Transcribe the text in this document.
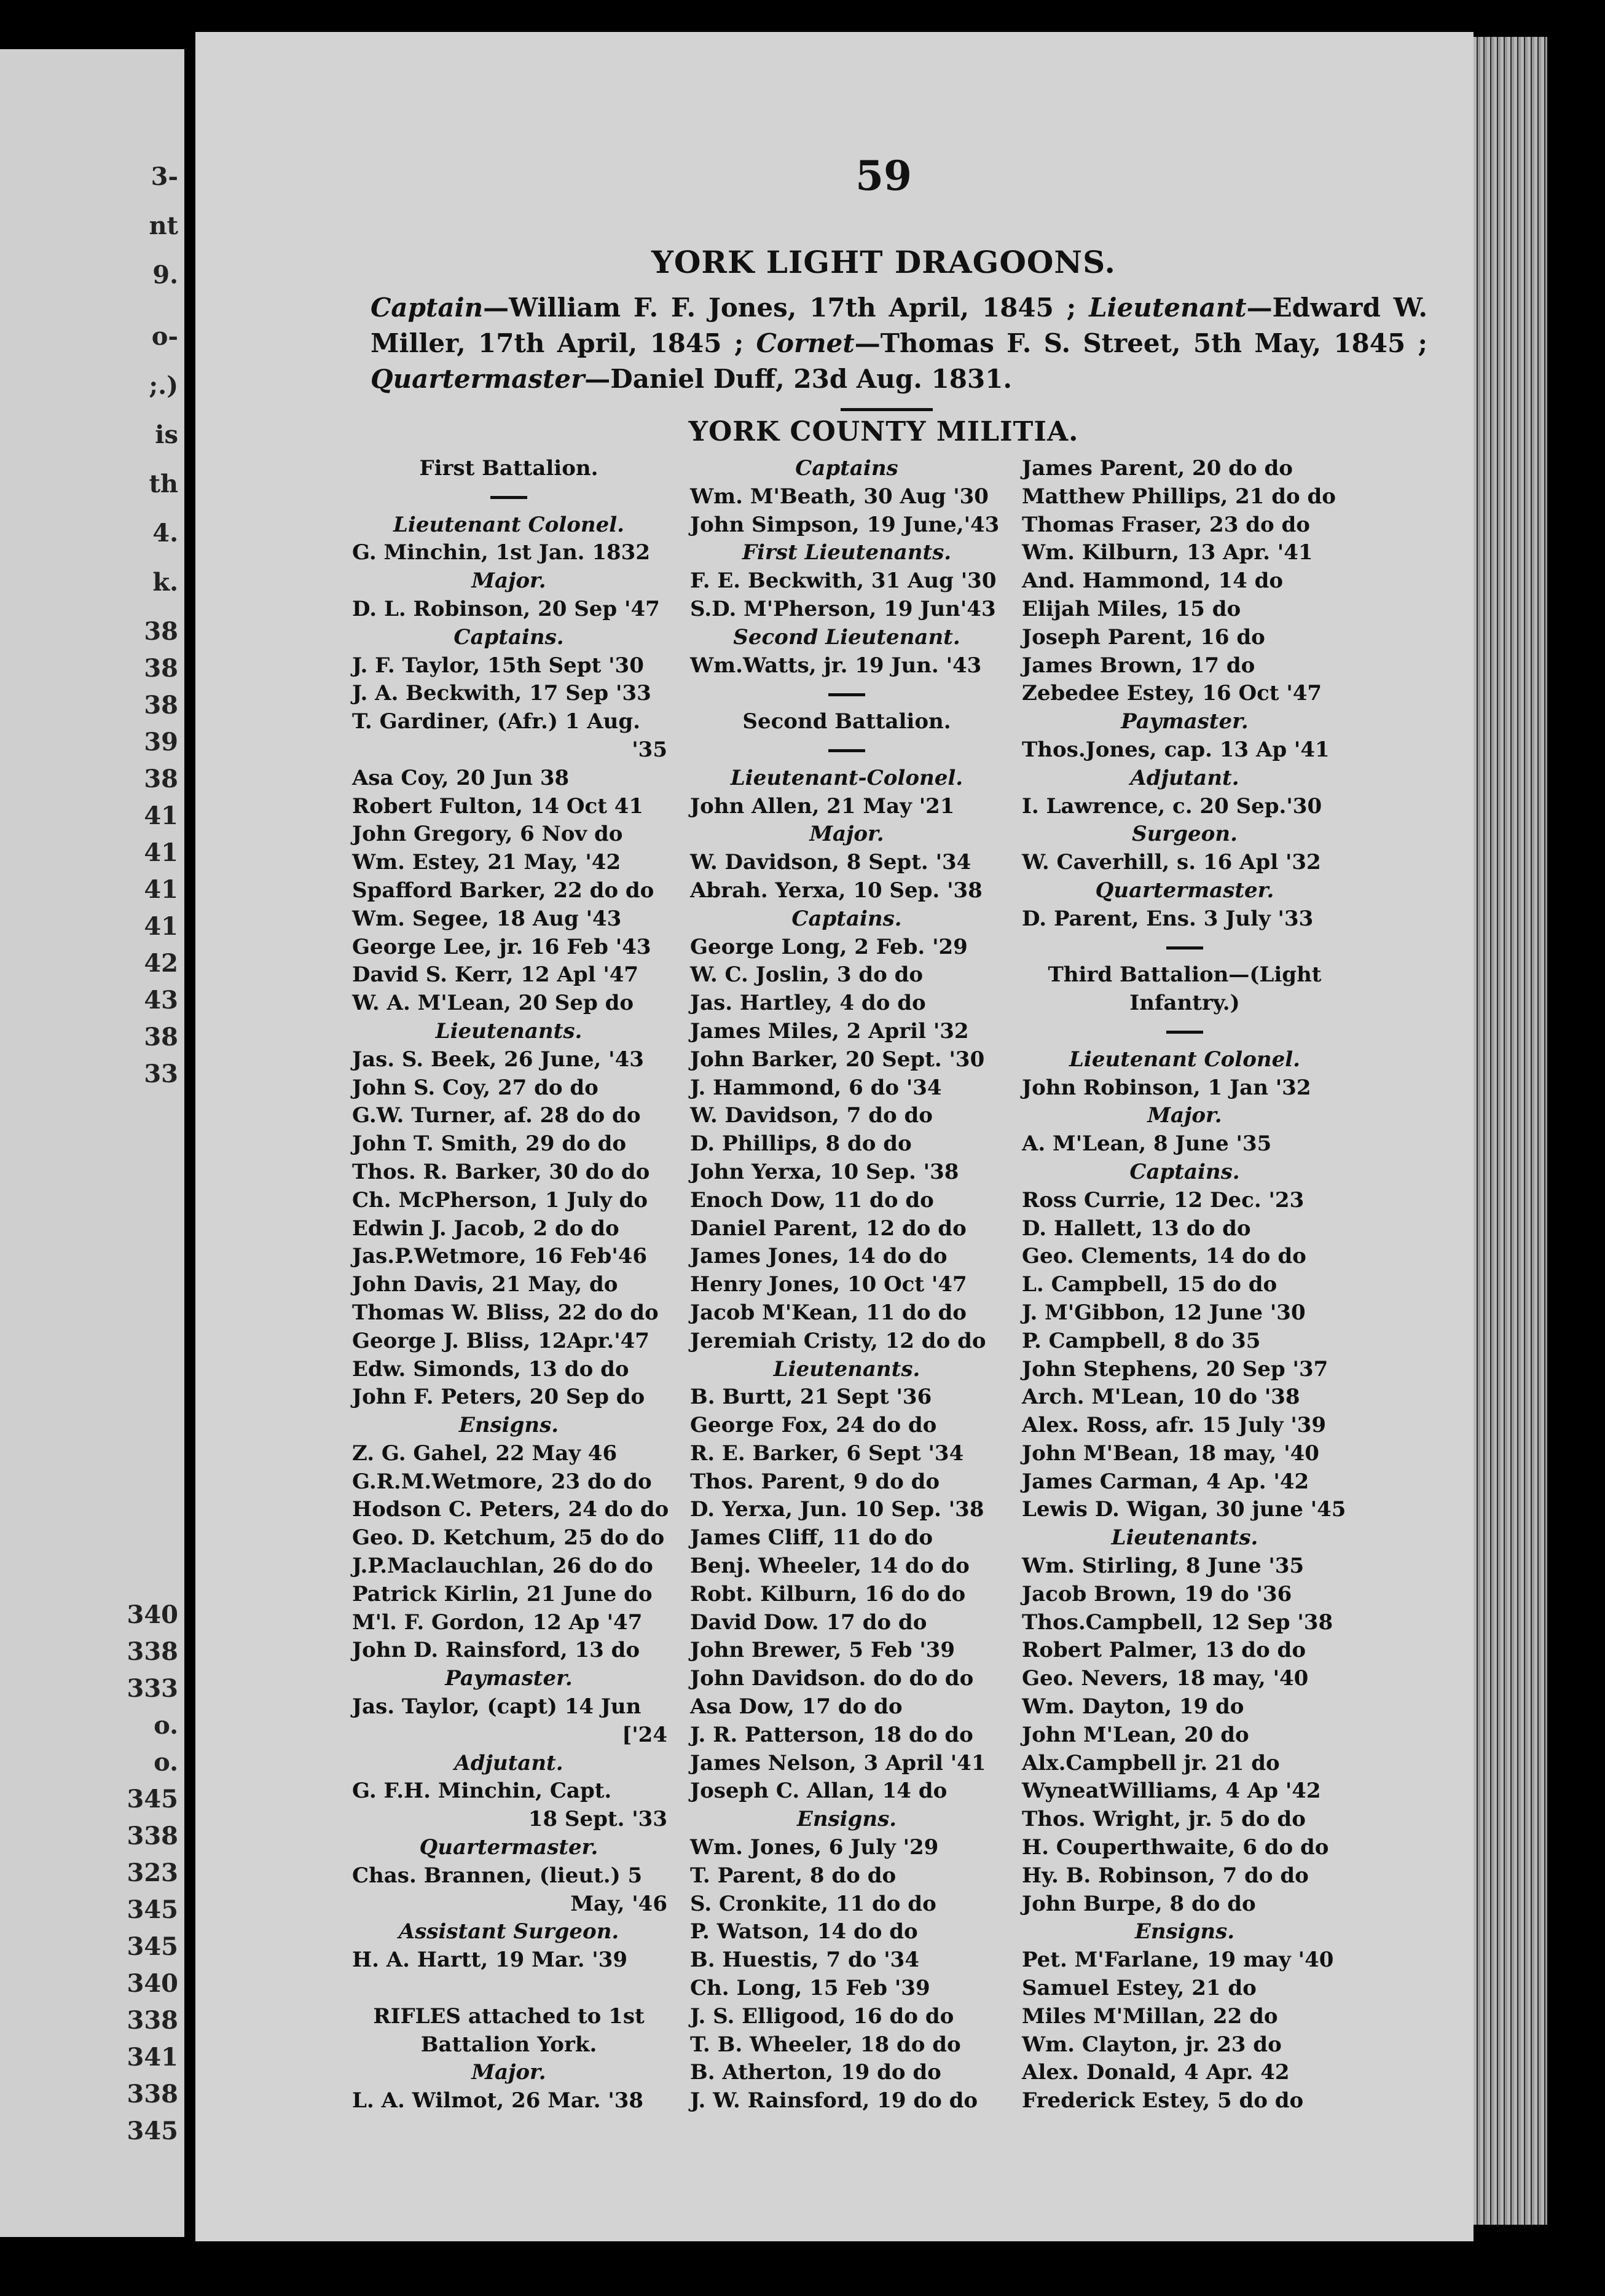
3-
nt
9.
o-
;.)
is
th
4.
k.
38
38
38
39
38
41
41
41
41
42
43
38
33
340
338
333
o.
o.
345
338
323
345
345
340
338
341
338
345
59
YORK LIGHT DRAGOONS.
Captain—William F. F. Jones, 17th April, 1845 ; Lieutenant—Edward W. Miller, 17th April, 1845 ; Cornet—Thomas F. S. Street, 5th May, 1845 ; Quartermaster—Daniel Duff, 23d Aug. 1831.
YORK COUNTY MILITIA.
First Battalion.
Lieutenant Colonel.
G. Minchin, 1st Jan. 1832
Major.
D. L. Robinson, 20 Sep '47
Captains.
J. F. Taylor, 15th Sept '30
J. A. Beckwith, 17 Sep '33
T. Gardiner, (Afr.) 1 Aug.
'35
Asa Coy, 20 Jun 38
Robert Fulton, 14 Oct 41
John Gregory, 6 Nov do
Wm. Estey, 21 May, '42
Spafford Barker, 22 do do
Wm. Segee, 18 Aug '43
George Lee, jr. 16 Feb '43
David S. Kerr, 12 Apl '47
W. A. M'Lean, 20 Sep do
Lieutenants.
Jas. S. Beek, 26 June, '43
John S. Coy, 27 do do
G.W. Turner, af. 28 do do
John T. Smith, 29 do do
Thos. R. Barker, 30 do do
Ch. McPherson, 1 July do
Edwin J. Jacob, 2 do do
Jas.P.Wetmore, 16 Feb'46
John Davis, 21 May, do
Thomas W. Bliss, 22 do do
George J. Bliss, 12Apr.'47
Edw. Simonds, 13 do do
John F. Peters, 20 Sep do
Ensigns.
Z. G. Gahel, 22 May 46
G.R.M.Wetmore, 23 do do
Hodson C. Peters, 24 do do
Geo. D. Ketchum, 25 do do
J.P.Maclauchlan, 26 do do
Patrick Kirlin, 21 June do
M'l. F. Gordon, 12 Ap '47
John D. Rainsford, 13 do
Paymaster.
Jas. Taylor, (capt) 14 Jun
['24
Adjutant.
G. F.H. Minchin, Capt.
18 Sept. '33
Quartermaster.
Chas. Brannen, (lieut.) 5
May, '46
Assistant Surgeon.
H. A. Hartt, 19 Mar. '39
RIFLES attached to 1st
Battalion York.
Major.
L. A. Wilmot, 26 Mar. '38
Captains
Wm. M'Beath, 30 Aug '30
John Simpson, 19 June,'43
First Lieutenants.
F. E. Beckwith, 31 Aug '30
S.D. M'Pherson, 19 Jun'43
Second Lieutenant.
Wm.Watts, jr. 19 Jun. '43
Second Battalion.
Lieutenant-Colonel.
John Allen, 21 May '21
Major.
W. Davidson, 8 Sept. '34
Abrah. Yerxa, 10 Sep. '38
Captains.
George Long, 2 Feb. '29
W. C. Joslin, 3 do do
Jas. Hartley, 4 do do
James Miles, 2 April '32
John Barker, 20 Sept. '30
J. Hammond, 6 do '34
W. Davidson, 7 do do
D. Phillips, 8 do do
John Yerxa, 10 Sep. '38
Enoch Dow, 11 do do
Daniel Parent, 12 do do
James Jones, 14 do do
Henry Jones, 10 Oct '47
Jacob M'Kean, 11 do do
Jeremiah Cristy, 12 do do
Lieutenants.
B. Burtt, 21 Sept '36
George Fox, 24 do do
R. E. Barker, 6 Sept '34
Thos. Parent, 9 do do
D. Yerxa, Jun. 10 Sep. '38
James Cliff, 11 do do
Benj. Wheeler, 14 do do
Robt. Kilburn, 16 do do
David Dow. 17 do do
John Brewer, 5 Feb '39
John Davidson. do do do
Asa Dow, 17 do do
J. R. Patterson, 18 do do
James Nelson, 3 April '41
Joseph C. Allan, 14 do
Ensigns.
Wm. Jones, 6 July '29
T. Parent, 8 do do
S. Cronkite, 11 do do
P. Watson, 14 do do
B. Huestis, 7 do '34
Ch. Long, 15 Feb '39
J. S. Elligood, 16 do do
T. B. Wheeler, 18 do do
B. Atherton, 19 do do
J. W. Rainsford, 19 do do
James Parent, 20 do do
Matthew Phillips, 21 do do
Thomas Fraser, 23 do do
Wm. Kilburn, 13 Apr. '41
And. Hammond, 14 do
Elijah Miles, 15 do
Joseph Parent, 16 do
James Brown, 17 do
Zebedee Estey, 16 Oct '47
Paymaster.
Thos.Jones, cap. 13 Ap '41
Adjutant.
I. Lawrence, c. 20 Sep.'30
Surgeon.
W. Caverhill, s. 16 Apl '32
Quartermaster.
D. Parent, Ens. 3 July '33
Third Battalion—(Light
Infantry.)
Lieutenant Colonel.
John Robinson, 1 Jan '32
Major.
A. M'Lean, 8 June '35
Captains.
Ross Currie, 12 Dec. '23
D. Hallett, 13 do do
Geo. Clements, 14 do do
L. Campbell, 15 do do
J. M'Gibbon, 12 June '30
P. Campbell, 8 do 35
John Stephens, 20 Sep '37
Arch. M'Lean, 10 do '38
Alex. Ross, afr. 15 July '39
John M'Bean, 18 may, '40
James Carman, 4 Ap. '42
Lewis D. Wigan, 30 june '45
Lieutenants.
Wm. Stirling, 8 June '35
Jacob Brown, 19 do '36
Thos.Campbell, 12 Sep '38
Robert Palmer, 13 do do
Geo. Nevers, 18 may, '40
Wm. Dayton, 19 do
John M'Lean, 20 do
Alx.Campbell jr. 21 do
WyneatWilliams, 4 Ap '42
Thos. Wright, jr. 5 do do
H. Couperthwaite, 6 do do
Hy. B. Robinson, 7 do do
John Burpe, 8 do do
Ensigns.
Pet. M'Farlane, 19 may '40
Samuel Estey, 21 do
Miles M'Millan, 22 do
Wm. Clayton, jr. 23 do
Alex. Donald, 4 Apr. 42
Frederick Estey, 5 do do
